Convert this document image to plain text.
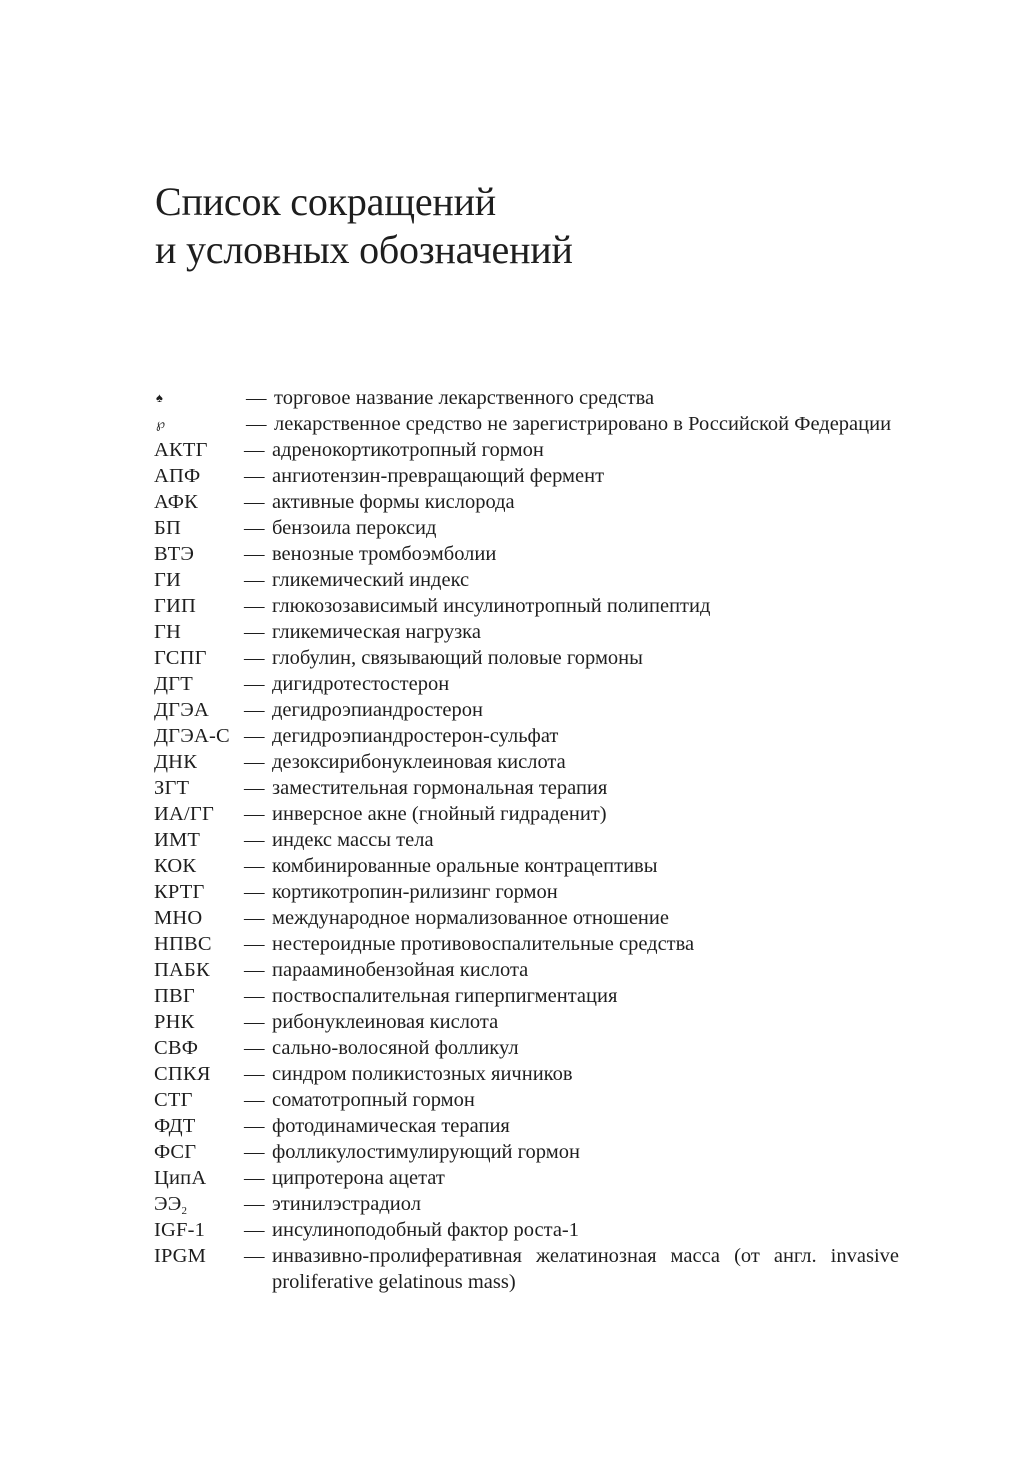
Список сокращений
и условных обозначений
♠	— торговое название лекарственного средства
℘	— лекарственное средство не зарегистрировано в Российской Федерации
АКТГ	— адренокортикотропный гормон
АПФ	— ангиотензин-превращающий фермент
АФК	— активные формы кислорода
БП	— бензоила пероксид
ВТЭ	— венозные тромбоэмболии
ГИ	— гликемический индекс
ГИП	— глюкозозависимый инсулинотропный полипептид
ГН	— гликемическая нагрузка
ГСПГ	— глобулин, связывающий половые гормоны
ДГТ	— дигидротестостерон
ДГЭА	— дегидроэпиандростерон
ДГЭА-С — дегидроэпиандростерон-сульфат
ДНК	— дезоксирибонуклеиновая кислота
ЗГТ	— заместительная гормональная терапия
ИА/ГГ	— инверсное акне (гнойный гидраденит)
ИМТ	— индекс массы тела
КОК	— комбинированные оральные контрацептивы
КРТГ	— кортикотропин-рилизинг гормон
МНО	— международное нормализованное отношение
НПВС	— нестероидные противовоспалительные средства
ПАБК	— парааминобензойная кислота
ПВГ	— поствоспалительная гиперпигментация
РНК	— рибонуклеиновая кислота
СВФ	— сально-волосяной фолликул
СПКЯ	— синдром поликистозных яичников
СТГ	— соматотропный гормон
ФДТ	— фотодинамическая терапия
ФСГ	— фолликулостимулирующий гормон
ЦипА	— ципротерона ацетат
$ЭЭ_2$	— этинилэстрадиол
IGF-1	— инсулиноподобный фактор роста-1
IPGM	— инвазивно-пролиферативная желатинозная масса (от англ. invasive proliferative gelatinous mass)
